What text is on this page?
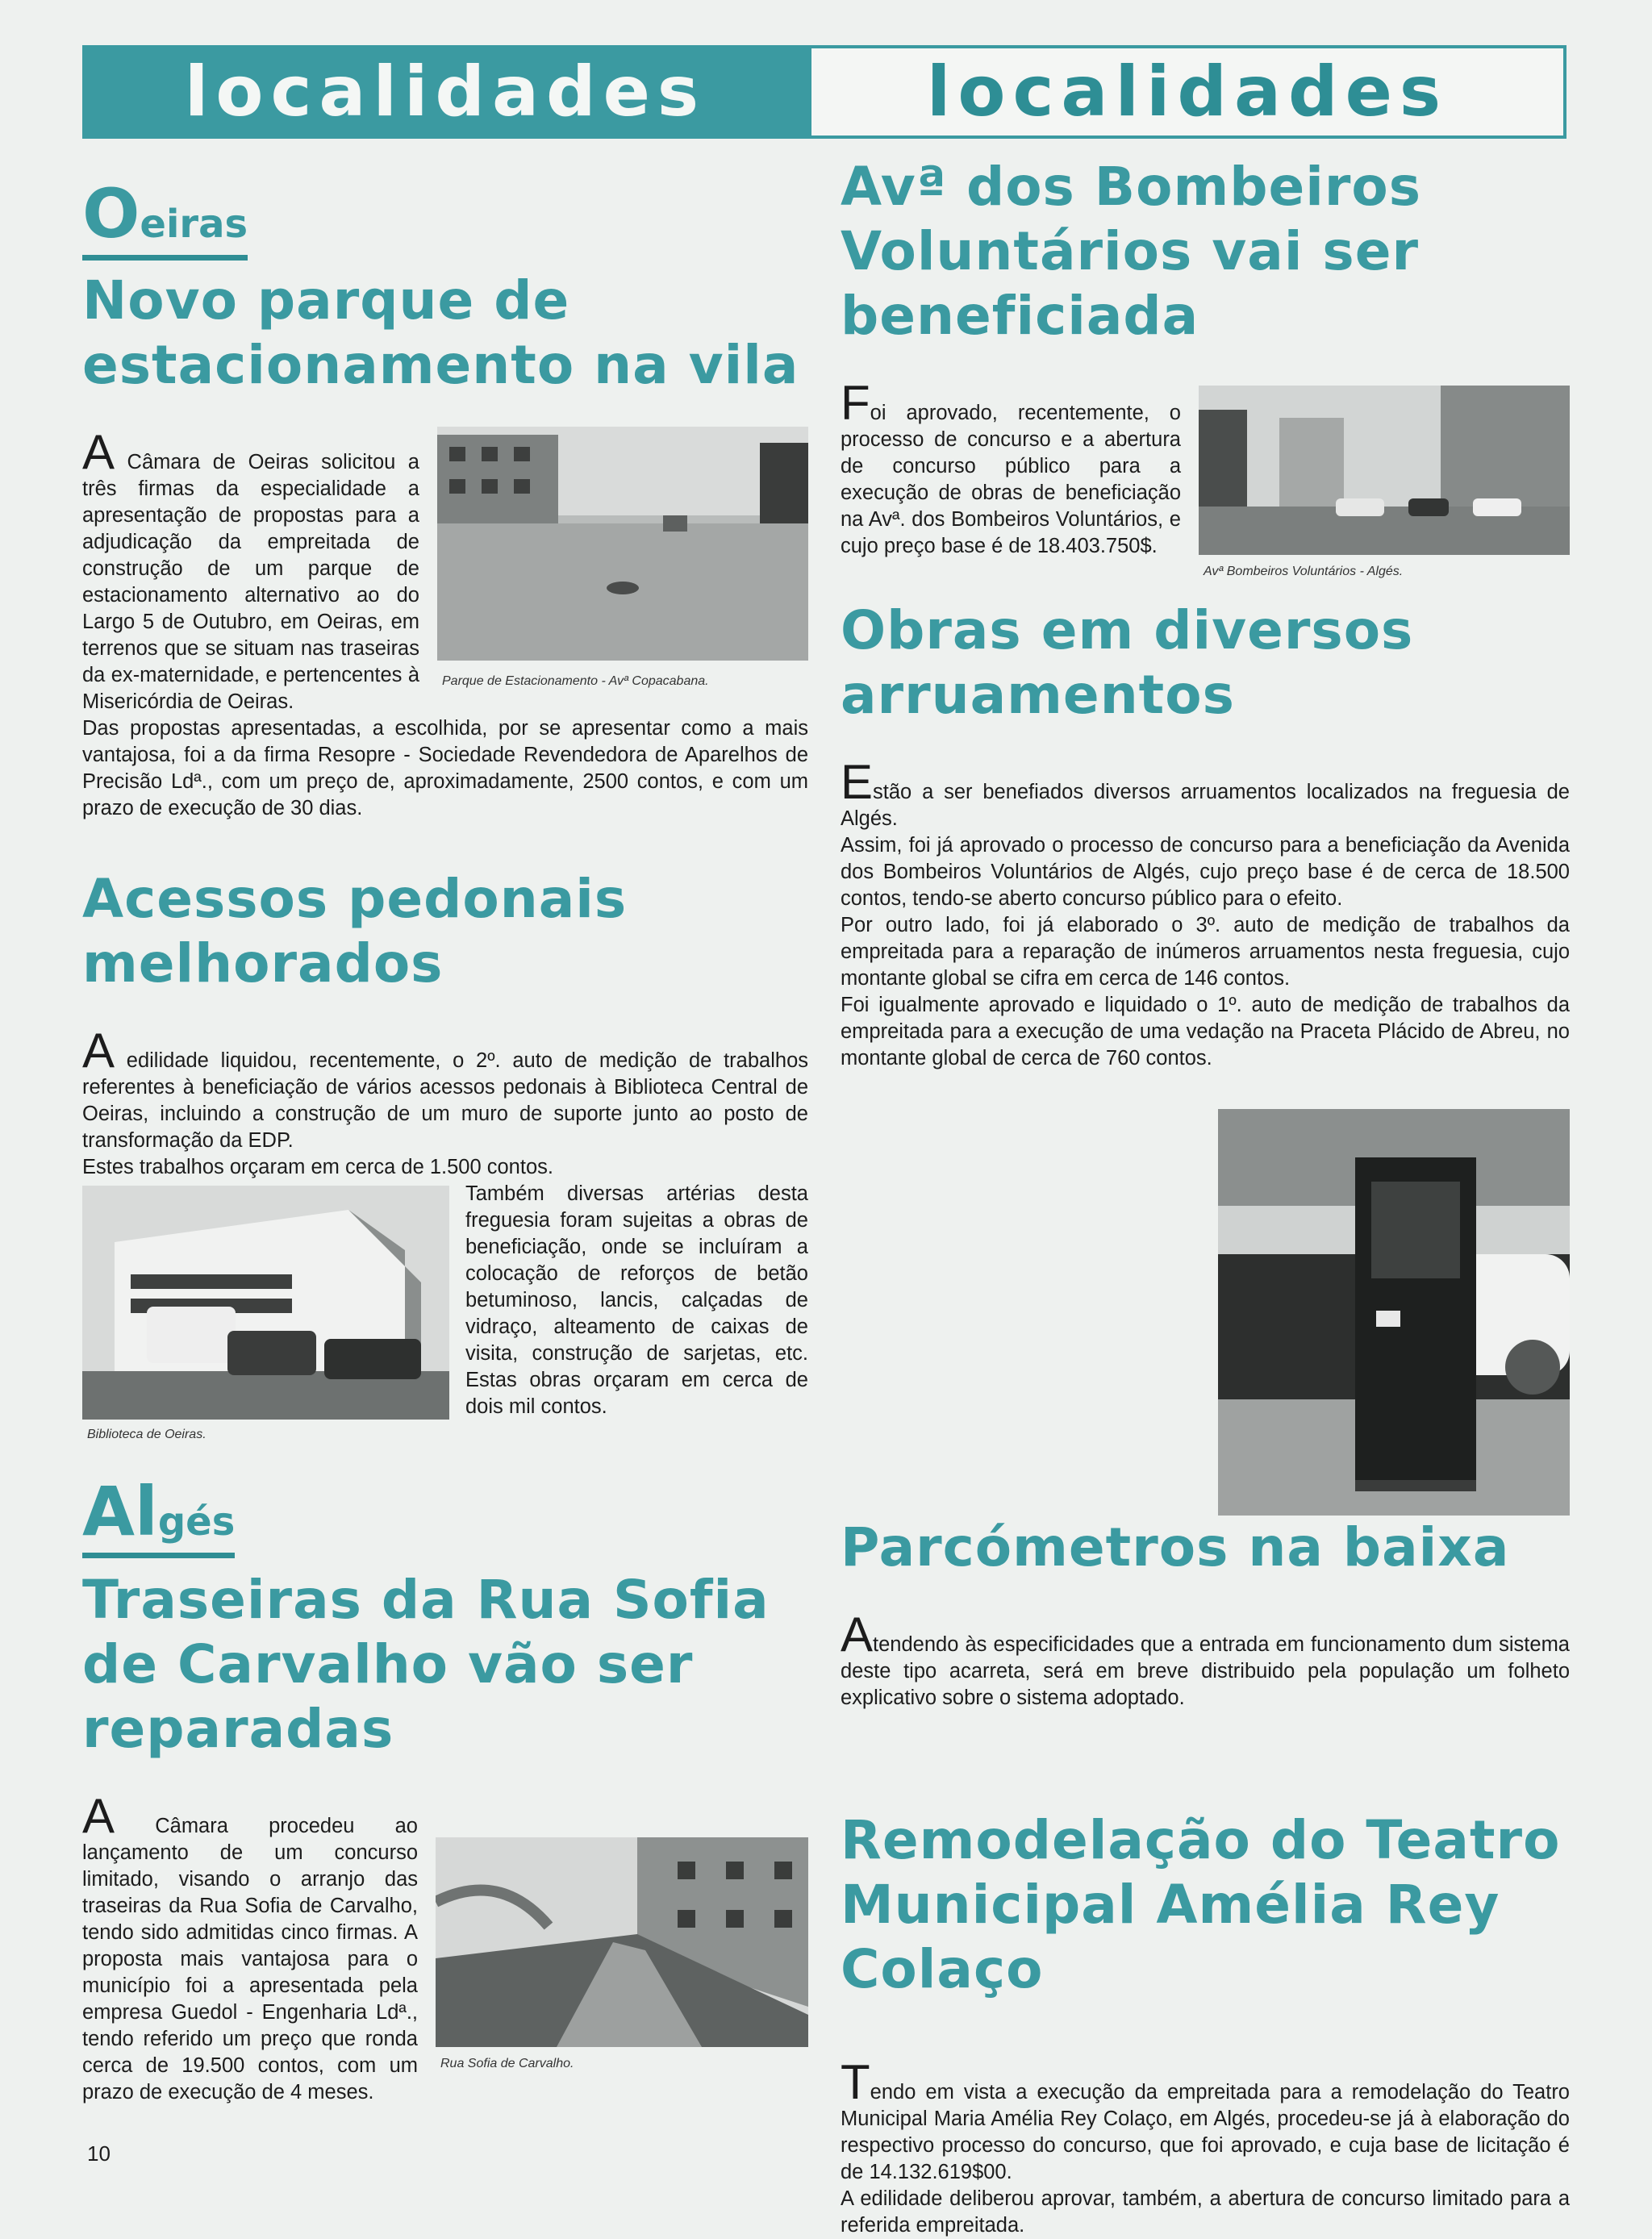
localidades	localidades
Oeiras
Novo parque de estacionamento na vila
Parque de Estacionamento - Avª Copacabana.

A Câmara de Oeiras solicitou a três firmas da especialidade a apresentação de propostas para a adjudicação da empreitada de construção de um parque de estacionamento alternativo ao do Largo 5 de Outubro, em Oeiras, em terrenos que se situam nas traseiras da ex-maternidade, e pertencentes à Misericórdia de Oeiras.

Das propostas apresentadas, a escolhida, por se apresentar como a mais vantajosa, foi a da firma Resopre - Sociedade Revendedora de Aparelhos de Precisão Ldª., com um preço de, aproximadamente, 2500 contos, e com um prazo de execução de 30 dias.

Acessos pedonais melhorados

A edilidade liquidou, recentemente, o 2º. auto de medição de trabalhos referentes à beneficiação de vários acessos pedonais à Biblioteca Central de Oeiras, incluindo a construção de um muro de suporte junto ao posto de transformação da EDP.

Estes trabalhos orçaram em cerca de 1.500 contos.

Biblioteca de Oeiras.

Também diversas artérias desta freguesia foram sujeitas a obras de beneficiação, onde se incluíram a colocação de reforços de betão betuminoso, lancis, calçadas de vidraço, alteamento de caixas de visita, construção de sarjetas, etc. Estas obras orçaram em cerca de dois mil contos.

Algés
Traseiras da Rua Sofia de Carvalho vão ser reparadas
Rua Sofia de Carvalho.

A Câmara procedeu ao lançamento de um concurso limitado, visando o arranjo das traseiras da Rua Sofia de Carvalho, tendo sido admitidas cinco firmas. A proposta mais vantajosa para o município foi a apresentada pela empresa Guedol - Engenharia Ldª., tendo referido um preço que ronda cerca de 19.500 contos, com um prazo de execução de 4 meses.

Avª dos Bombeiros Voluntários vai ser beneficiada
Avª Bombeiros Voluntários - Algés.

Foi aprovado, recentemente, o processo de concurso e a abertura de concurso público para a execução de obras de beneficiação na Avª. dos Bombeiros Voluntários, e cujo preço base é de 18.403.750$.

Obras em diversos arruamentos

Estão a ser benefiados diversos arruamentos localizados na freguesia de Algés.

Assim, foi já aprovado o processo de concurso para a beneficiação da Avenida dos Bombeiros Voluntários de Algés, cujo preço base é de cerca de 18.500 contos, tendo-se aberto concurso público para o efeito.

Por outro lado, foi já elaborado o 3º. auto de medição de trabalhos da empreitada para a reparação de inúmeros arruamentos nesta freguesia, cujo montante global se cifra em cerca de 146 contos.

Foi igualmente aprovado e liquidado o 1º. auto de medição de trabalhos da empreitada para a execução de uma vedação na Praceta Plácido de Abreu, no montante global de cerca de 760 contos.

Parcómetros na baixa

Atendendo às especificidades que a entrada em funcionamento dum sistema deste tipo acarreta, será em breve distribuido pela população um folheto explicativo sobre o sistema adoptado.

Remodelação do Teatro Municipal Amélia Rey Colaço

Tendo em vista a execução da empreitada para a remodelação do Teatro Municipal Maria Amélia Rey Colaço, em Algés, procedeu-se já à elaboração do respectivo processo do concurso, que foi aprovado, e cuja base de licitação é de 14.132.619$00.

A edilidade deliberou aprovar, também, a abertura de concurso limitado para a referida empreitada.

10
